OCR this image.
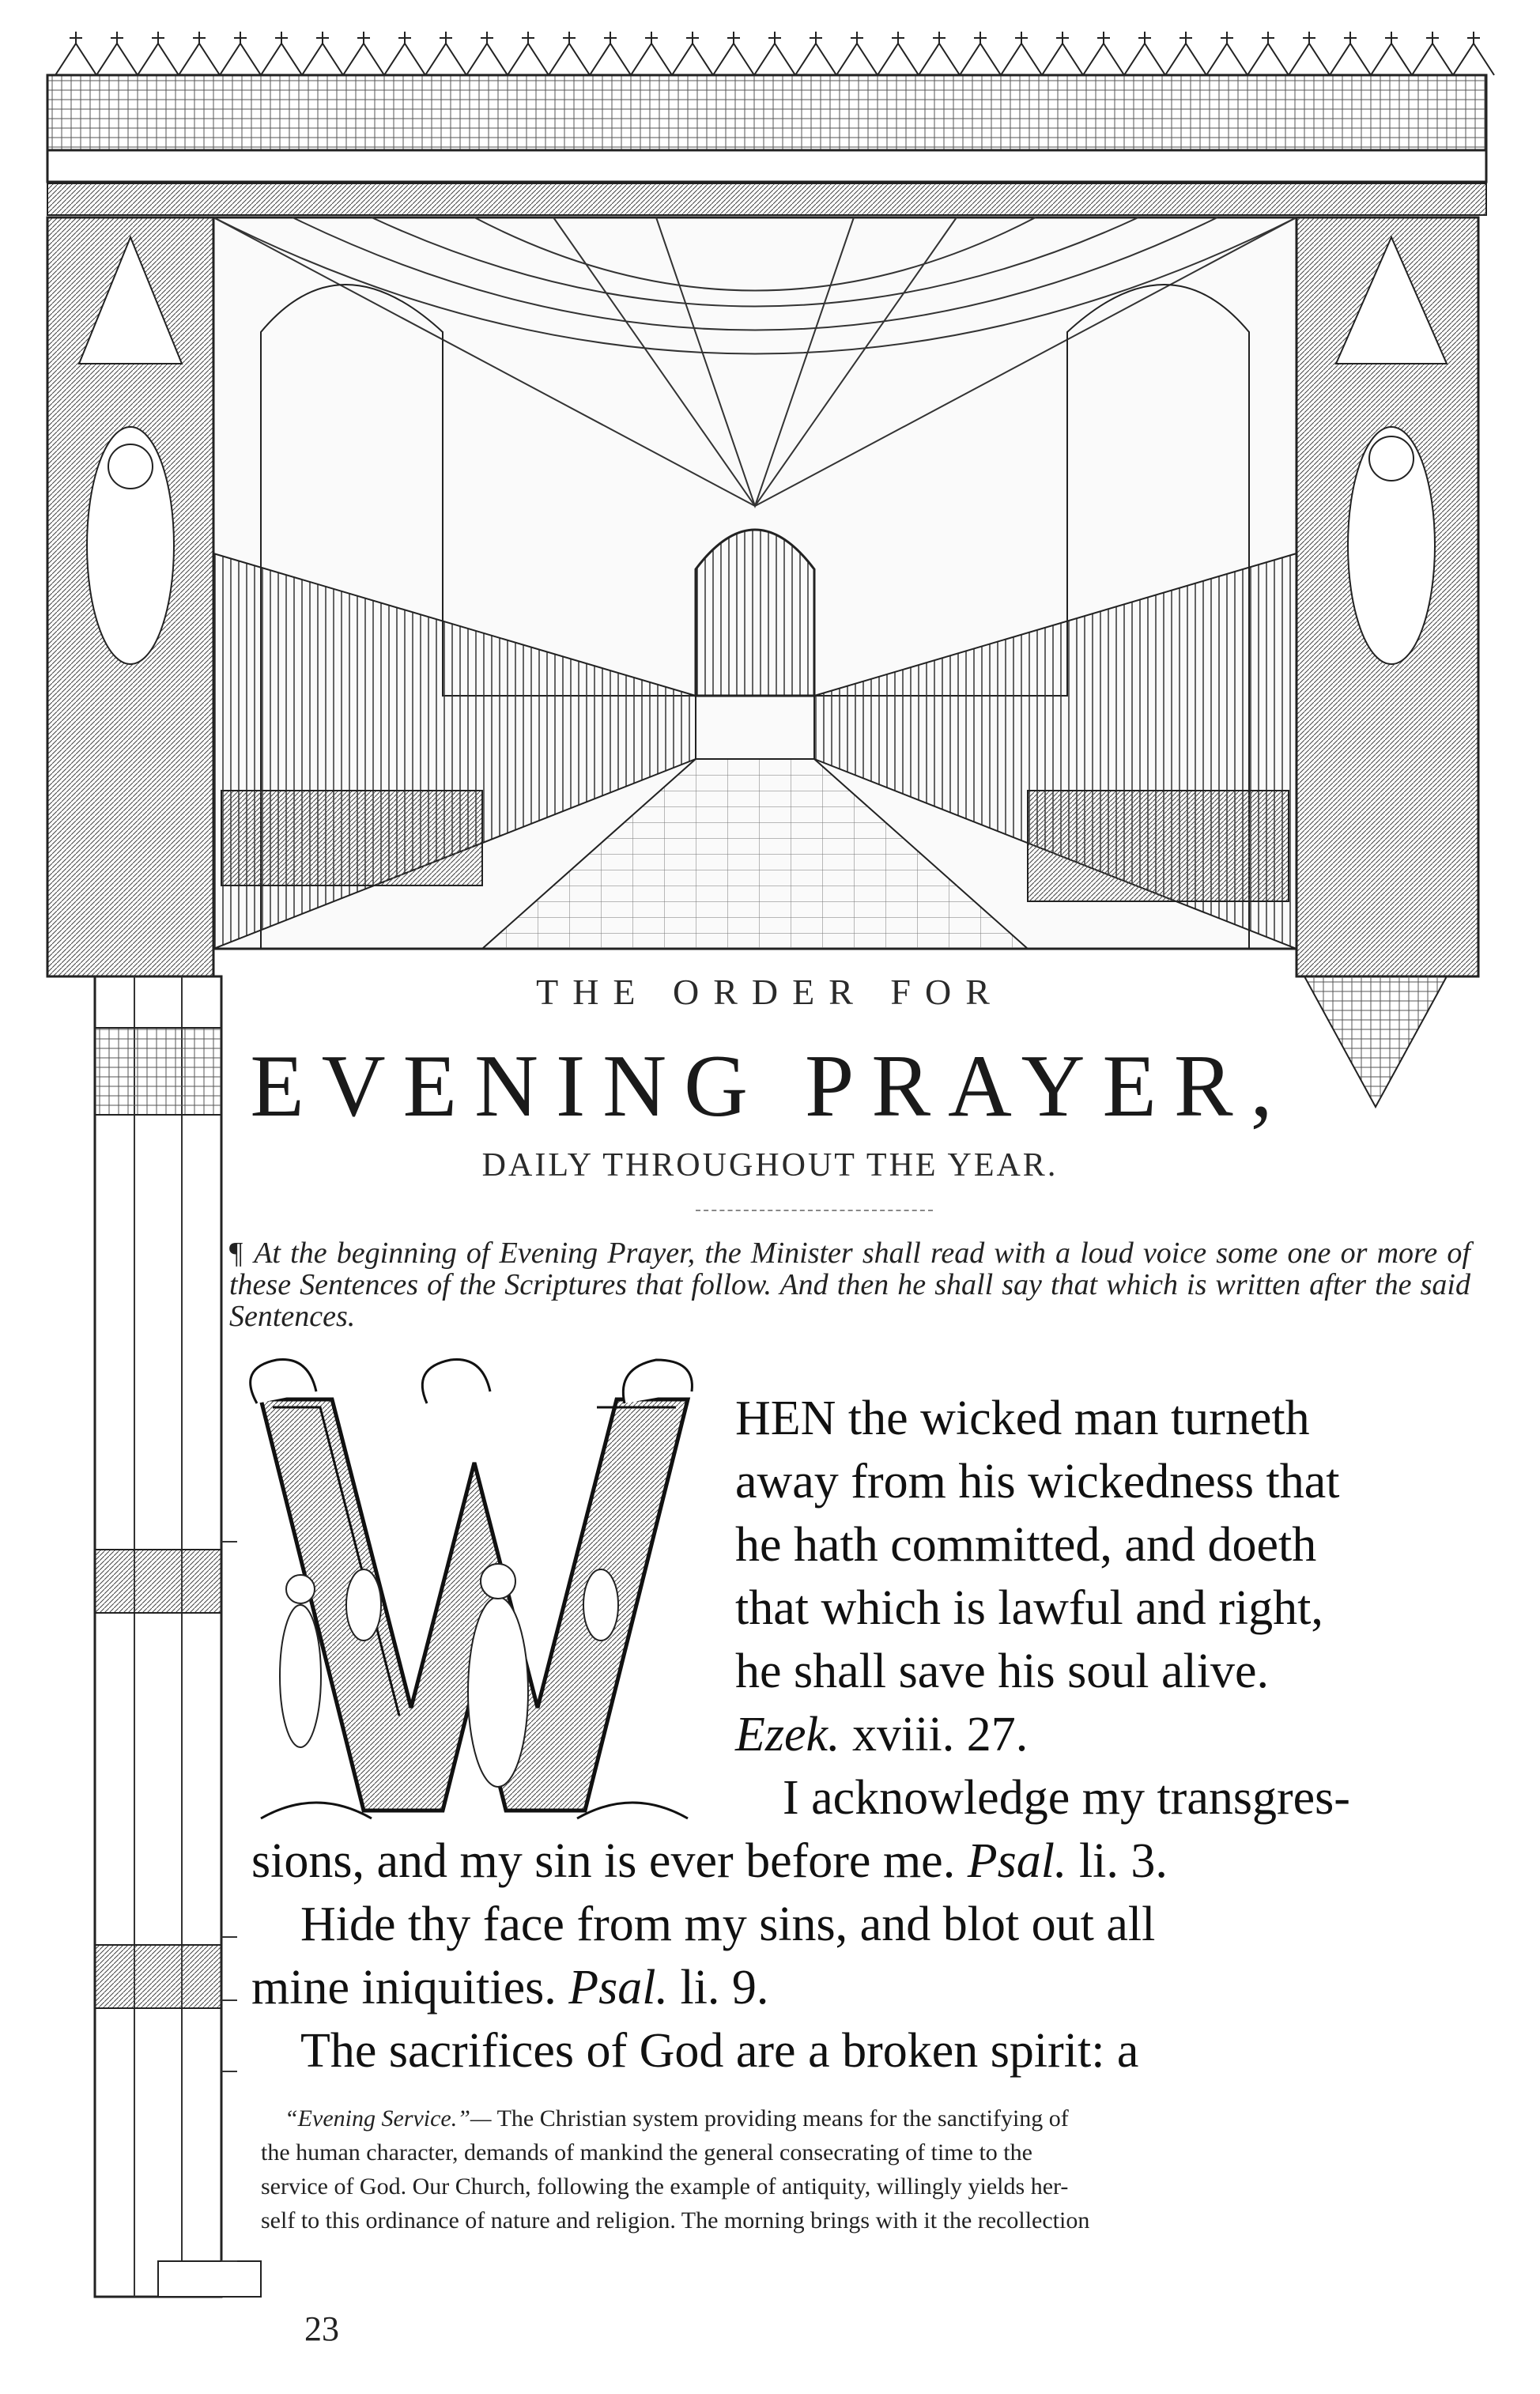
THE ORDER FOR
EVENING PRAYER,
DAILY THROUGHOUT THE YEAR.
¶ At the beginning of Evening Prayer, the Minister shall read with a loud voice some one or more of these Sentences of the Scriptures that follow. And then he shall say that which is written after the said Sentences.
HEN the wicked man turneth
away from his wickedness that
he hath committed, and doeth
that which is lawful and right,
he shall save his soul alive.
Ezek. xviii. 27.
I acknowledge my transgres-
sions, and my sin is ever before me. Psal. li. 3.
Hide thy face from my sins, and blot out all
mine iniquities. Psal. li. 9.
The sacrifices of God are a broken spirit: a
“Evening Service.”— The Christian system providing means for the sanctifying of
the human character, demands of mankind the general consecrating of time to the
service of God. Our Church, following the example of antiquity, willingly yields her-
self to this ordinance of nature and religion. The morning brings with it the recollection
23
